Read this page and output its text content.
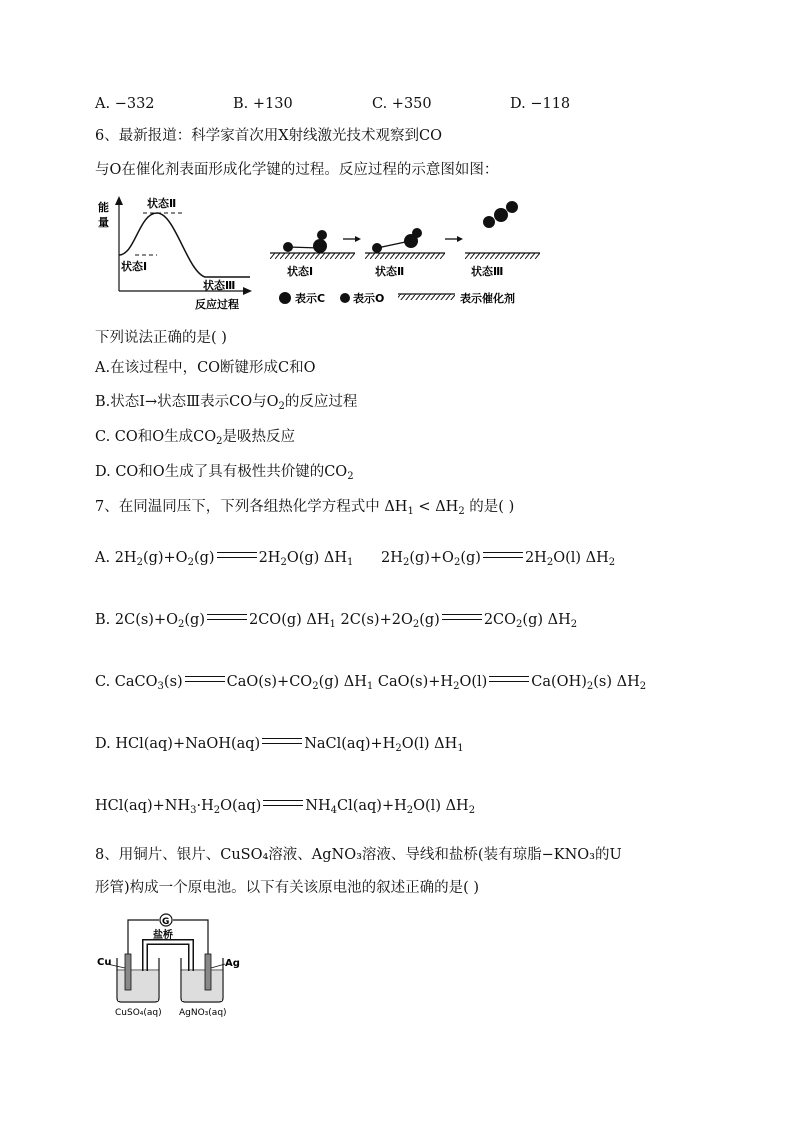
A. −332	B. +130	C. +350	D. −118
6、最新报道：科学家首次用X射线激光技术观察到CO
与O在催化剂表面形成化学键的过程。反应过程的示意图如图：
能
量
状态Ⅱ
状态Ⅰ
状态Ⅲ
反应过程
状态Ⅰ	状态Ⅱ	状态Ⅲ
表示C	表示O	表示催化剂
下列说法正确的是( )
A.在该过程中，CO断键形成C和O
B.状态Ⅰ→状态Ⅲ表示CO与$O_2$的反应过程
C. CO和O生成$CO_2$是吸热反应
D. CO和O生成了具有极性共价键的$CO_2$
7、在同温同压下，下列各组热化学方程式中 $\Delta H_1 < \Delta H_2$ 的是( )
A. $2H_2(g)+O_2(g)$	$2H_2O(g)$ $\Delta H_1$      $2H_2(g)+O_2(g)$	$2H_2O(l)$ $\Delta H_2$
B. $2C(s)+O_2(g)$	2CO(g) $\Delta H_1$ $2C(s)+2O_2(g)$	$2CO_2(g)$ $\Delta H_2$
C. CaCO$_3$(s)	$CaO(s)+CO_2(g)$ $\Delta H_1$ $CaO(s)+H_2O(l)$	$Ca(OH)_2(s)$ $\Delta H_2$
D. HCl(aq)+NaOH(aq)	$NaCl(aq)+H_2O(l)$ $\Delta H_1$
$HCl(aq)+NH_3\cdot H_2O(aq)$	$NH_4Cl(aq)+H_2O(l)$ $\Delta H_2$
8、用铜片、银片、CuSO₄溶液、AgNO₃溶液、导线和盐桥(装有琼脂−KNO₃的U
形管)构成一个原电池。以下有关该原电池的叙述正确的是( )
G
盐桥
Cu	Ag
CuSO₄(aq) AgNO₃(aq)
